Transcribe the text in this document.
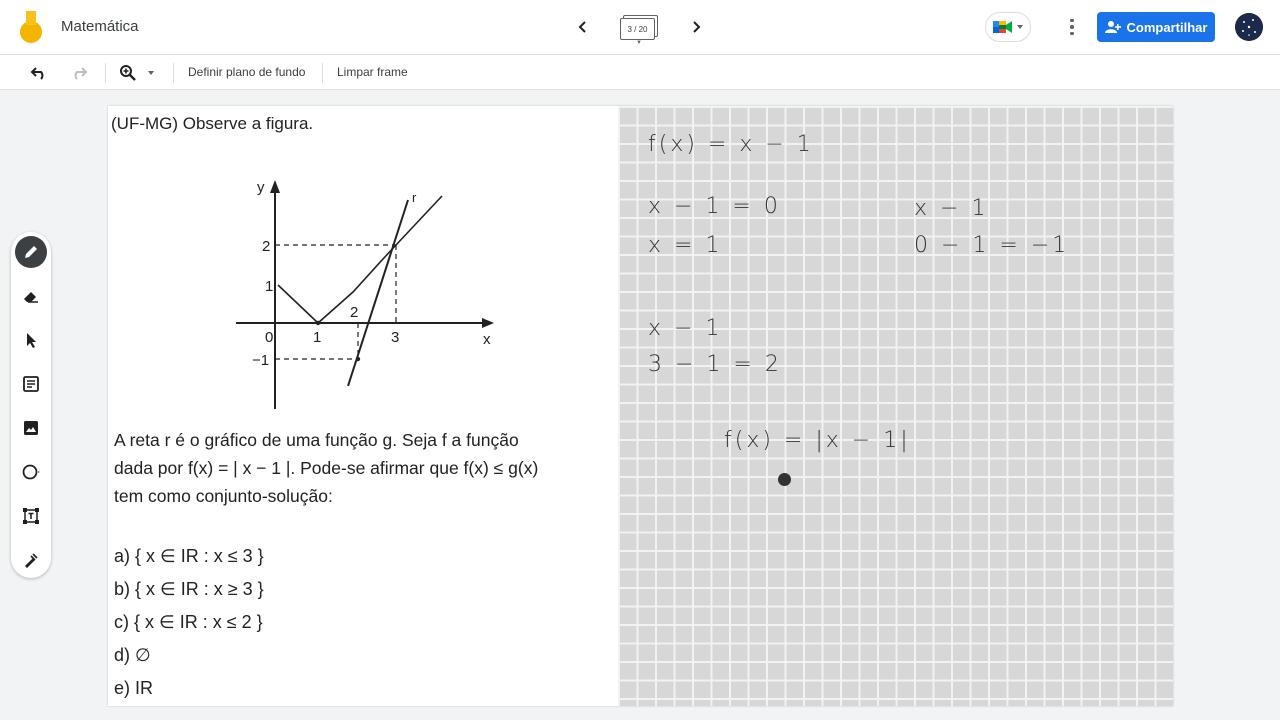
Matemática	3 / 20
▼
Compartilhar
Definir plano de fundo	Limpar frame
(UF-MG) Observe a figura.
y
r
2
1
−1
0	1
2
3	x
A reta r é o gráfico de uma função g. Seja f a função
dada por f(x) = | x − 1 |. Pode-se afirmar que f(x) ≤ g(x)
tem como conjunto-solução:
a) { x ∈ IR : x ≤ 3 }
b) { x ∈ IR : x ≥ 3 }
c) { x ∈ IR : x ≤ 2 }
d) ∅
e) IR
f(x) = x − 1
x − 1 = 0
x = 1
x − 1
0 − 1 = −1
x − 1
3 − 1 = 2
f(x) = |x − 1|
